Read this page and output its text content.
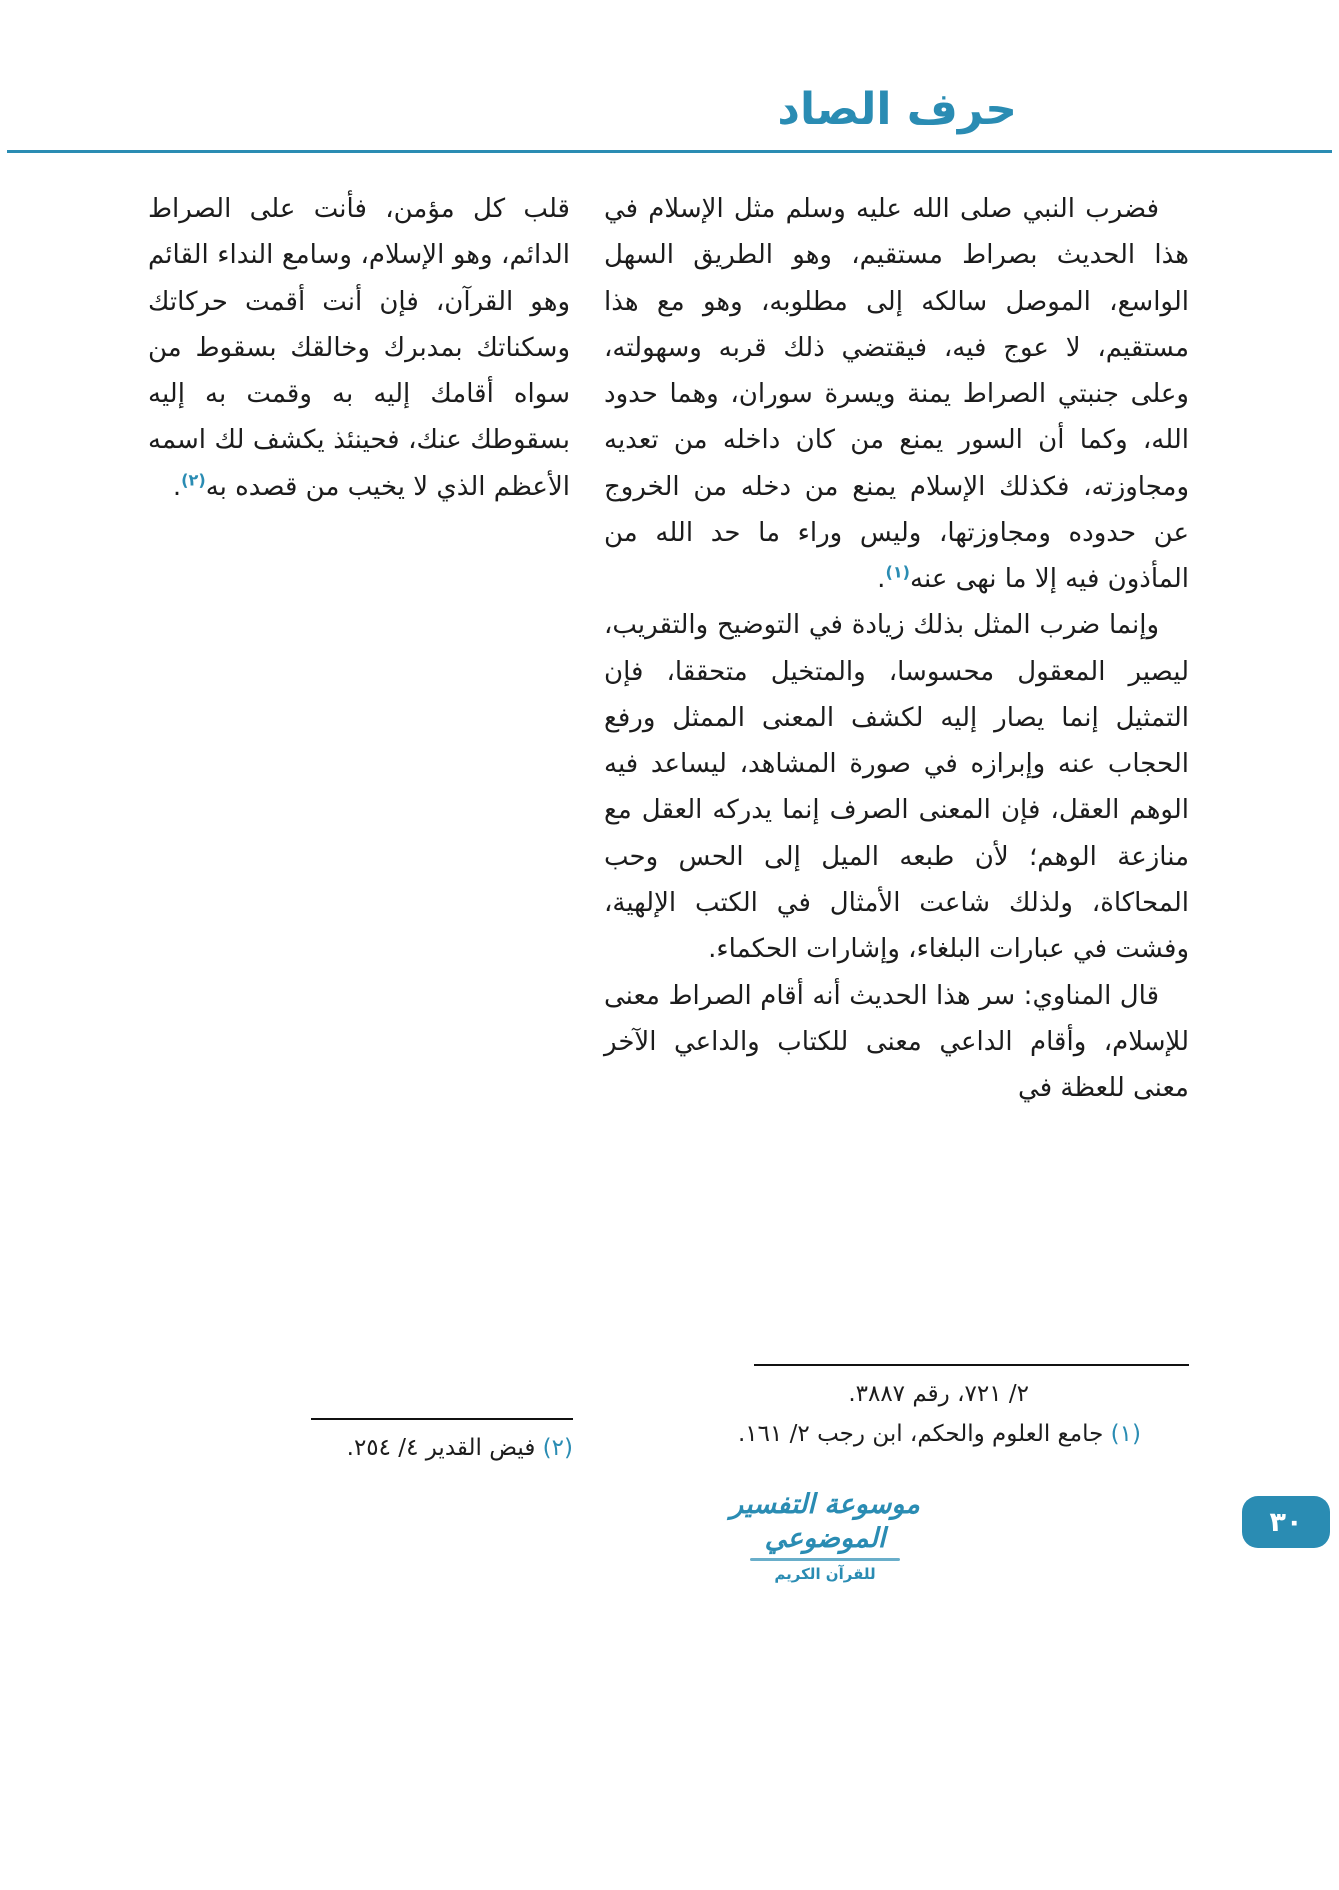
حرف الصاد

فضرب النبي صلى الله عليه وسلم مثل الإسلام في هذا الحديث بصراط مستقيم، وهو الطريق السهل الواسع، الموصل سالكه إلى مطلوبه، وهو مع هذا مستقيم، لا عوج فيه، فيقتضي ذلك قربه وسهولته، وعلى جنبتي الصراط يمنة ويسرة سوران، وهما حدود الله، وكما أن السور يمنع من كان داخله من تعديه ومجاوزته، فكذلك الإسلام يمنع من دخله من الخروج عن حدوده ومجاوزتها، وليس وراء ما حد الله من المأذون فيه إلا ما نهى عنه$^{(١)}$.

وإنما ضرب المثل بذلك زيادة في التوضيح والتقريب، ليصير المعقول محسوسا، والمتخيل متحققا، فإن التمثيل إنما يصار إليه لكشف المعنى الممثل ورفع الحجاب عنه وإبرازه في صورة المشاهد، ليساعد فيه الوهم العقل، فإن المعنى الصرف إنما يدركه العقل مع منازعة الوهم؛ لأن طبعه الميل إلى الحس وحب المحاكاة، ولذلك شاعت الأمثال في الكتب الإلهية، وفشت في عبارات البلغاء، وإشارات الحكماء.

قال المناوي: سر هذا الحديث أنه أقام الصراط معنى للإسلام، وأقام الداعي معنى للكتاب والداعي الآخر معنى للعظة في

قلب كل مؤمن، فأنت على الصراط الدائم، وهو الإسلام، وسامع النداء القائم وهو القرآن، فإن أنت أقمت حركاتك وسكناتك بمدبرك وخالقك بسقوط من سواه أقامك إليه به وقمت به إليه بسقوطك عنك، فحينئذ يكشف لك اسمه الأعظم الذي لا يخيب من قصده به$^{(٢)}$.

٢/ ٧٢١، رقم ٣٨٨٧.
(١) جامع العلوم والحكم، ابن رجب ٢/ ١٦١.
(٢) فيض القدير ٤/ ٢٥٤.
موسوعة التفسير الموضوعي
للقرآن الكريم
٣٠
